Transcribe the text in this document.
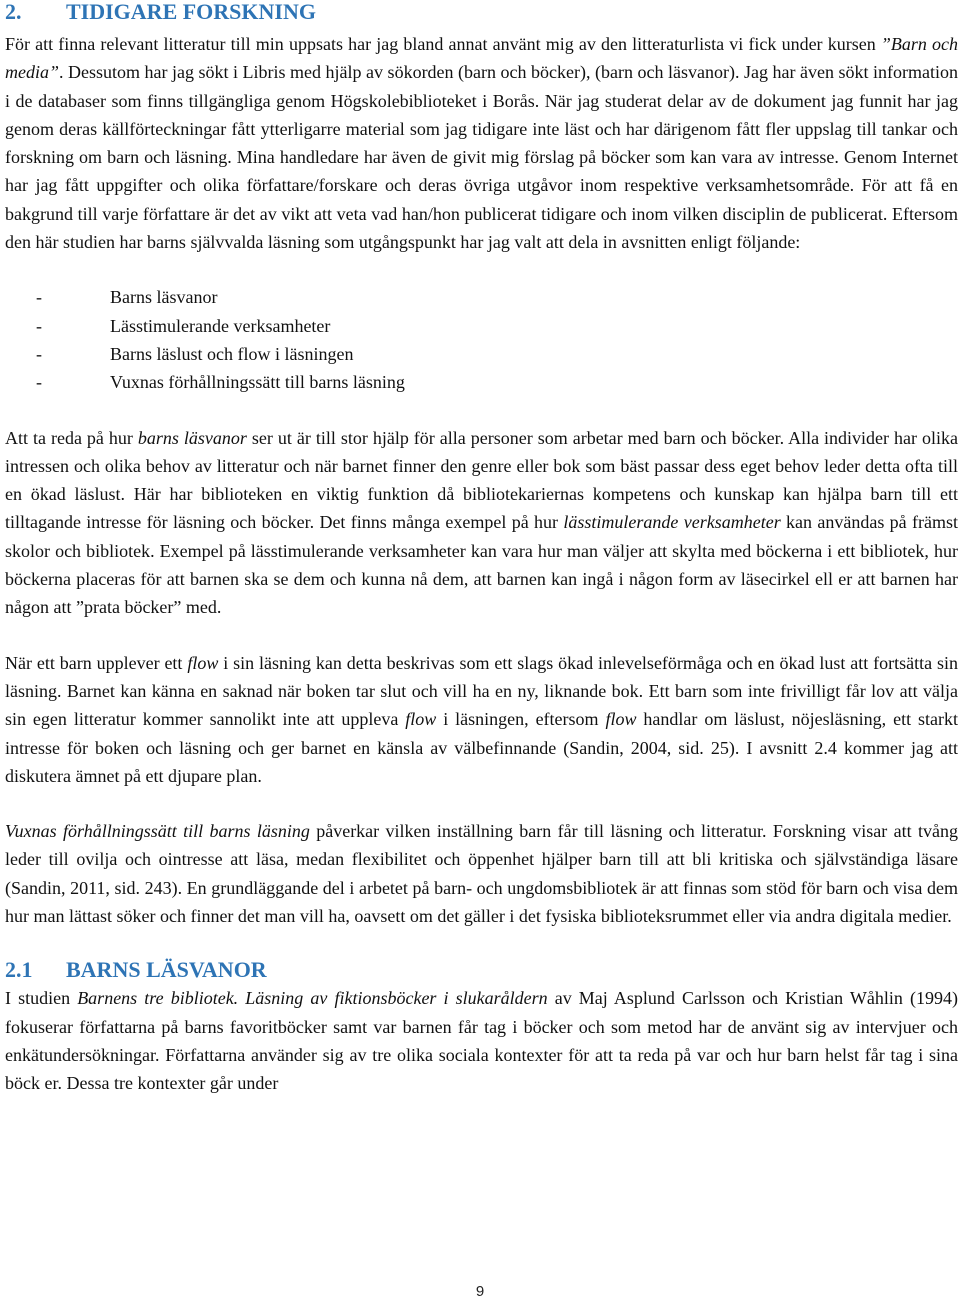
2. TIDIGARE FORSKNING

För att finna relevant litteratur till min uppsats har jag bland annat använt mig av den litteraturlista vi fick under kursen ”Barn och media”. Dessutom har jag sökt i Libris med hjälp av sökorden (barn och böcker), (barn och läsvanor). Jag har även sökt information i de databaser som finns tillgängliga genom Högskolebiblioteket i Borås. När jag studerat delar av de dokument jag funnit har jag genom deras källförteckningar fått ytterligarre material som jag tidigare inte läst och har därigenom fått fler uppslag till tankar och forskning om barn och läsning. Mina handledare har även de givit mig förslag på böcker som kan vara av intresse. Genom Internet har jag fått uppgifter och olika författare/forskare och deras övriga utgåvor inom respektive verksamhetsområde. För att få en bakgrund till varje författare är det av vikt att veta vad han/hon publicerat tidigare och inom vilken disciplin de publicerat. Eftersom den här studien har barns självvalda läsning som utgångspunkt har jag valt att dela in avsnitten enligt följande:

-	Barns läsvanor
-	Lässtimulerande verksamheter
-	Barns läslust och flow i läsningen
-	Vuxnas förhållningssätt till barns läsning

Att ta reda på hur barns läsvanor ser ut är till stor hjälp för alla personer som arbetar med barn och böcker. Alla individer har olika intressen och olika behov av litteratur och när barnet finner den genre eller bok som bäst passar dess eget behov leder detta ofta till en ökad läslust. Här har biblioteken en viktig funktion då bibliotekariernas kompetens och kunskap kan hjälpa barn till ett tilltagande intresse för läsning och böcker. Det finns många exempel på hur lässtimulerande verksamheter kan användas på främst skolor och bibliotek. Exempel på lässtimulerande verksamheter kan vara hur man väljer att skylta med böckerna i ett bibliotek, hur böckerna placeras för att barnen ska se dem och kunna nå dem, att barnen kan ingå i någon form av läsecirkel ell er att barnen har någon att ”prata böcker” med.

När ett barn upplever ett flow i sin läsning kan detta beskrivas som ett slags ökad inlevelseförmåga och en ökad lust att fortsätta sin läsning. Barnet kan känna en saknad när boken tar slut och vill ha en ny, liknande bok. Ett barn som inte frivilligt får lov att välja sin egen litteratur kommer sannolikt inte att uppleva flow i läsningen, eftersom flow handlar om läslust, nöjesläsning, ett starkt intresse för boken och läsning och ger barnet en känsla av välbefinnande (Sandin, 2004, sid. 25). I avsnitt 2.4 kommer jag att diskutera ämnet på ett djupare plan.

Vuxnas förhållningssätt till barns läsning påverkar vilken inställning barn får till läsning och litteratur. Forskning visar att tvång leder till ovilja och ointresse att läsa, medan flexibilitet och öppenhet hjälper barn till att bli kritiska och självständiga läsare (Sandin, 2011, sid. 243). En grundläggande del i arbetet på barn- och ungdomsbibliotek är att finnas som stöd för barn och visa dem hur man lättast söker och finner det man vill ha, oavsett om det gäller i det fysiska biblioteksrummet eller via andra digitala medier.

2.1 BARNS LÄSVANOR

I studien Barnens tre bibliotek. Läsning av fiktionsböcker i slukaråldern av Maj Asplund Carlsson och Kristian Wåhlin (1994) fokuserar författarna på barns favoritböcker samt var barnen får tag i böcker och som metod har de använt sig av intervjuer och enkätundersökningar. Författarna använder sig av tre olika sociala kontexter för att ta reda på var och hur barn helst får tag i sina böck er. Dessa tre kontexter går under

9
